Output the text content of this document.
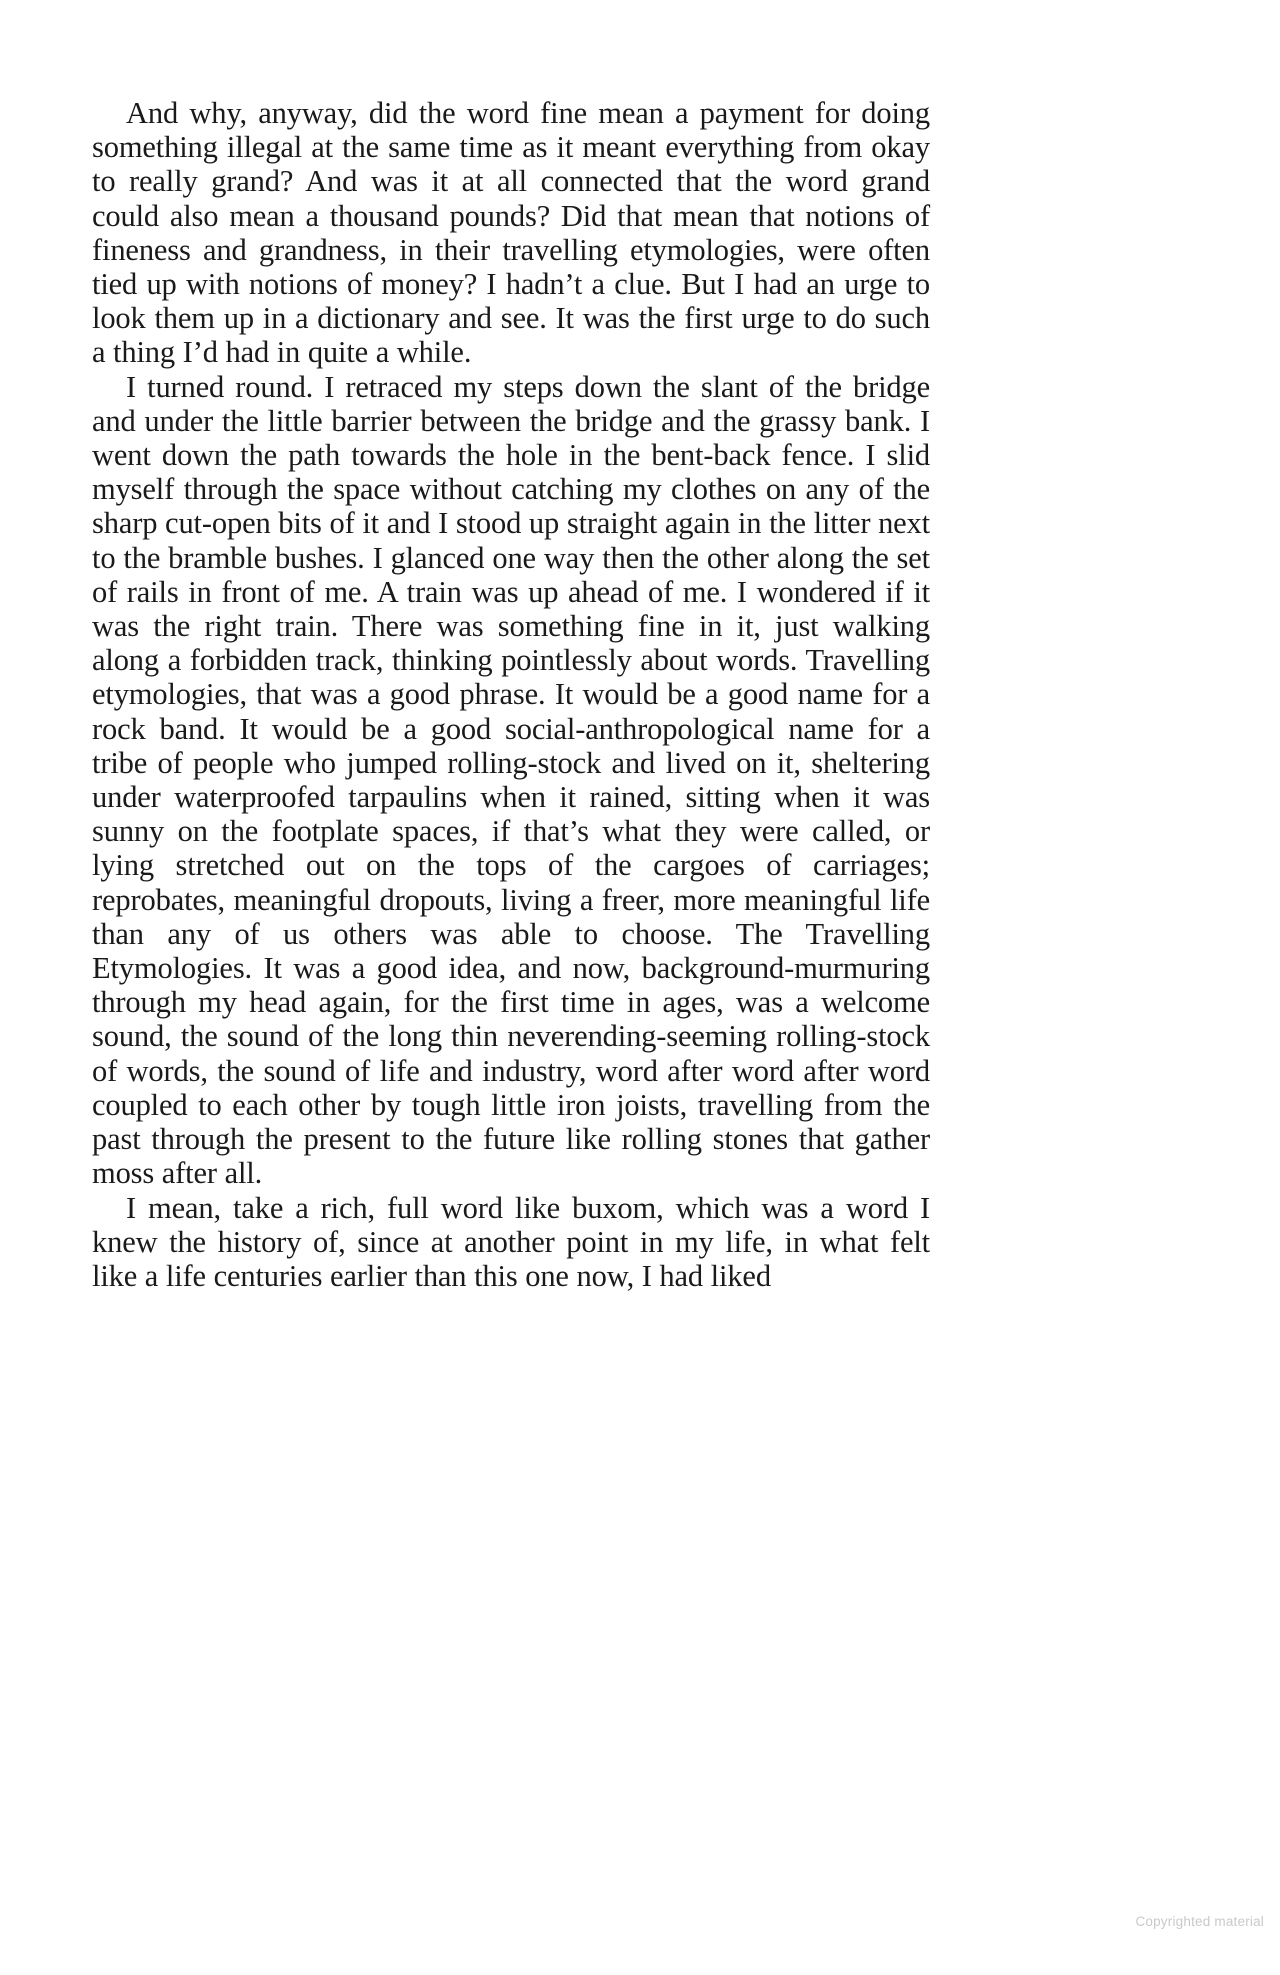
And why, anyway, did the word fine mean a payment for doing something illegal at the same time as it meant everything from okay to really grand? And was it at all connected that the word grand could also mean a thousand pounds? Did that mean that notions of fineness and grandness, in their travelling etymologies, were often tied up with notions of money? I hadn’t a clue. But I had an urge to look them up in a dictionary and see. It was the first urge to do such a thing I’d had in quite a while.

I turned round. I retraced my steps down the slant of the bridge and under the little barrier between the bridge and the grassy bank. I went down the path towards the hole in the bent-back fence. I slid myself through the space without catching my clothes on any of the sharp cut-open bits of it and I stood up straight again in the litter next to the bramble bushes. I glanced one way then the other along the set of rails in front of me. A train was up ahead of me. I wondered if it was the right train. There was something fine in it, just walking along a forbidden track, thinking pointlessly about words. Travelling etymologies, that was a good phrase. It would be a good name for a rock band. It would be a good social-anthropological name for a tribe of people who jumped rolling-stock and lived on it, sheltering under waterproofed tarpaulins when it rained, sitting when it was sunny on the footplate spaces, if that’s what they were called, or lying stretched out on the tops of the cargoes of carriages; reprobates, meaningful dropouts, living a freer, more meaningful life than any of us others was able to choose. The Travelling Etymologies. It was a good idea, and now, background-murmuring through my head again, for the first time in ages, was a welcome sound, the sound of the long thin neverending-seeming rolling-stock of words, the sound of life and industry, word after word after word coupled to each other by tough little iron joists, travelling from the past through the present to the future like rolling stones that gather moss after all.

I mean, take a rich, full word like buxom, which was a word I knew the history of, since at another point in my life, in what felt like a life centuries earlier than this one now, I had liked

Copyrighted material
